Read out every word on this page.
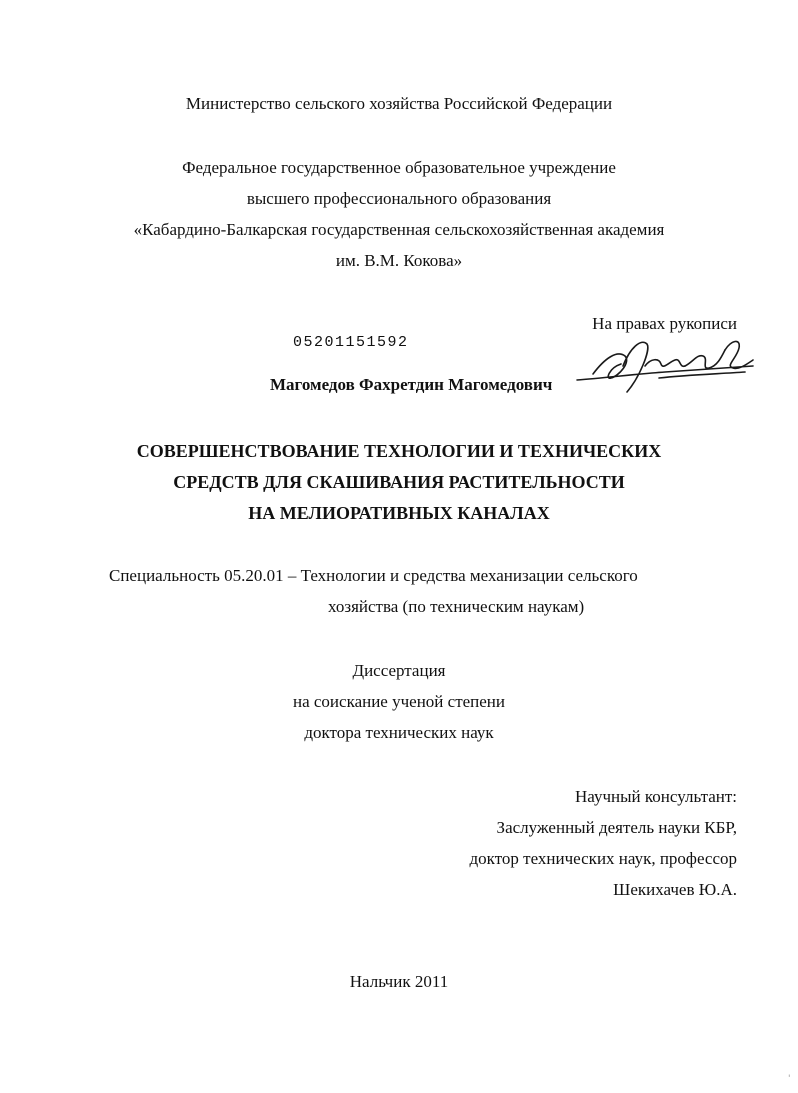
Министерство сельского хозяйства Российской Федерации
Федеральное государственное образовательное учреждение
высшего профессионального образования
«Кабардино-Балкарская государственная сельскохозяйственная академия
им. В.М. Кокова»
На правах рукописи
05201151592
Магомедов Фахретдин Магомедович
СОВЕРШЕНСТВОВАНИЕ ТЕХНОЛОГИИ И ТЕХНИЧЕСКИХ
СРЕДСТВ ДЛЯ СКАШИВАНИЯ РАСТИТЕЛЬНОСТИ
НА МЕЛИОРАТИВНЫХ КАНАЛАХ
Специальность 05.20.01 – Технологии и средства механизации сельского
хозяйства (по техническим наукам)
Диссертация
на соискание ученой степени
доктора технических наук
Научный консультант:
Заслуженный деятель науки КБР,
доктор технических наук, профессор
Шекихачев Ю.А.
Нальчик 2011
'
